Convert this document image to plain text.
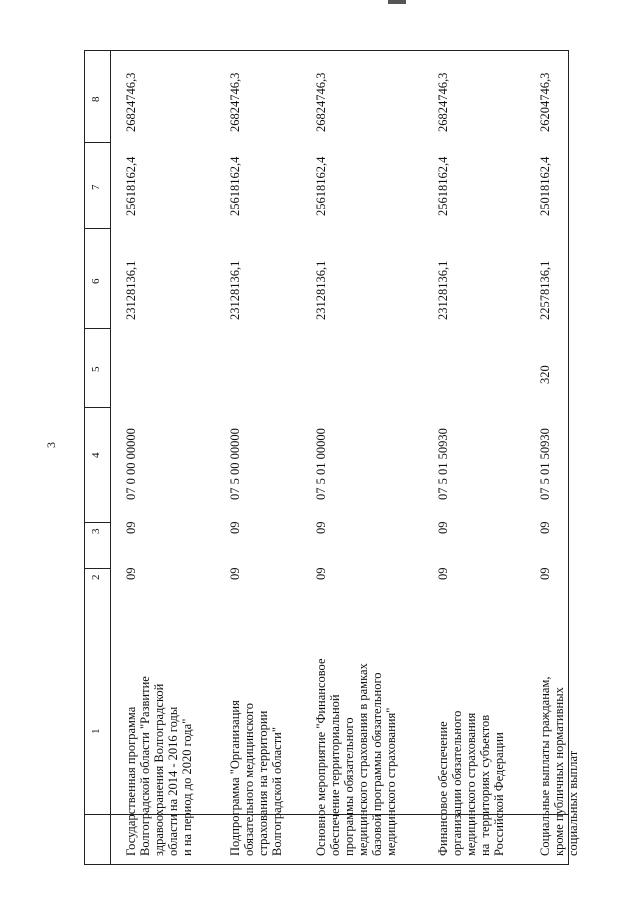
3
1
2
3
4
5
6
7
8
Государственная программа
Волгоградской области "Развитие
здравоохранения Волгоградской
области на 2014 - 2016 годы
и на период до 2020 года"
09
09
07 0 00 00000
23128136,1
25618162,4
26824746,3
Подпрограмма "Организация
обязательного медицинского
страхования на территории
Волгоградской области"
09
09
07 5 00 00000
23128136,1
25618162,4
26824746,3
Основное мероприятие "Финансовое
обеспечение территориальной
программы обязательного
медицинского страхования в рамках
базовой программы обязательного
медицинского страхования"
09
09
07 5 01 00000
23128136,1
25618162,4
26824746,3
Финансовое обеспечение
организации обязательного
медицинского страхования
на  территориях субъектов
Российской Федерации
09
09
07 5 01 50930
23128136,1
25618162,4
26824746,3
Социальные выплаты гражданам,
кроме публичных нормативных
социальных выплат
09
09
07 5 01 50930
320
22578136,1
25018162,4
26204746,3
